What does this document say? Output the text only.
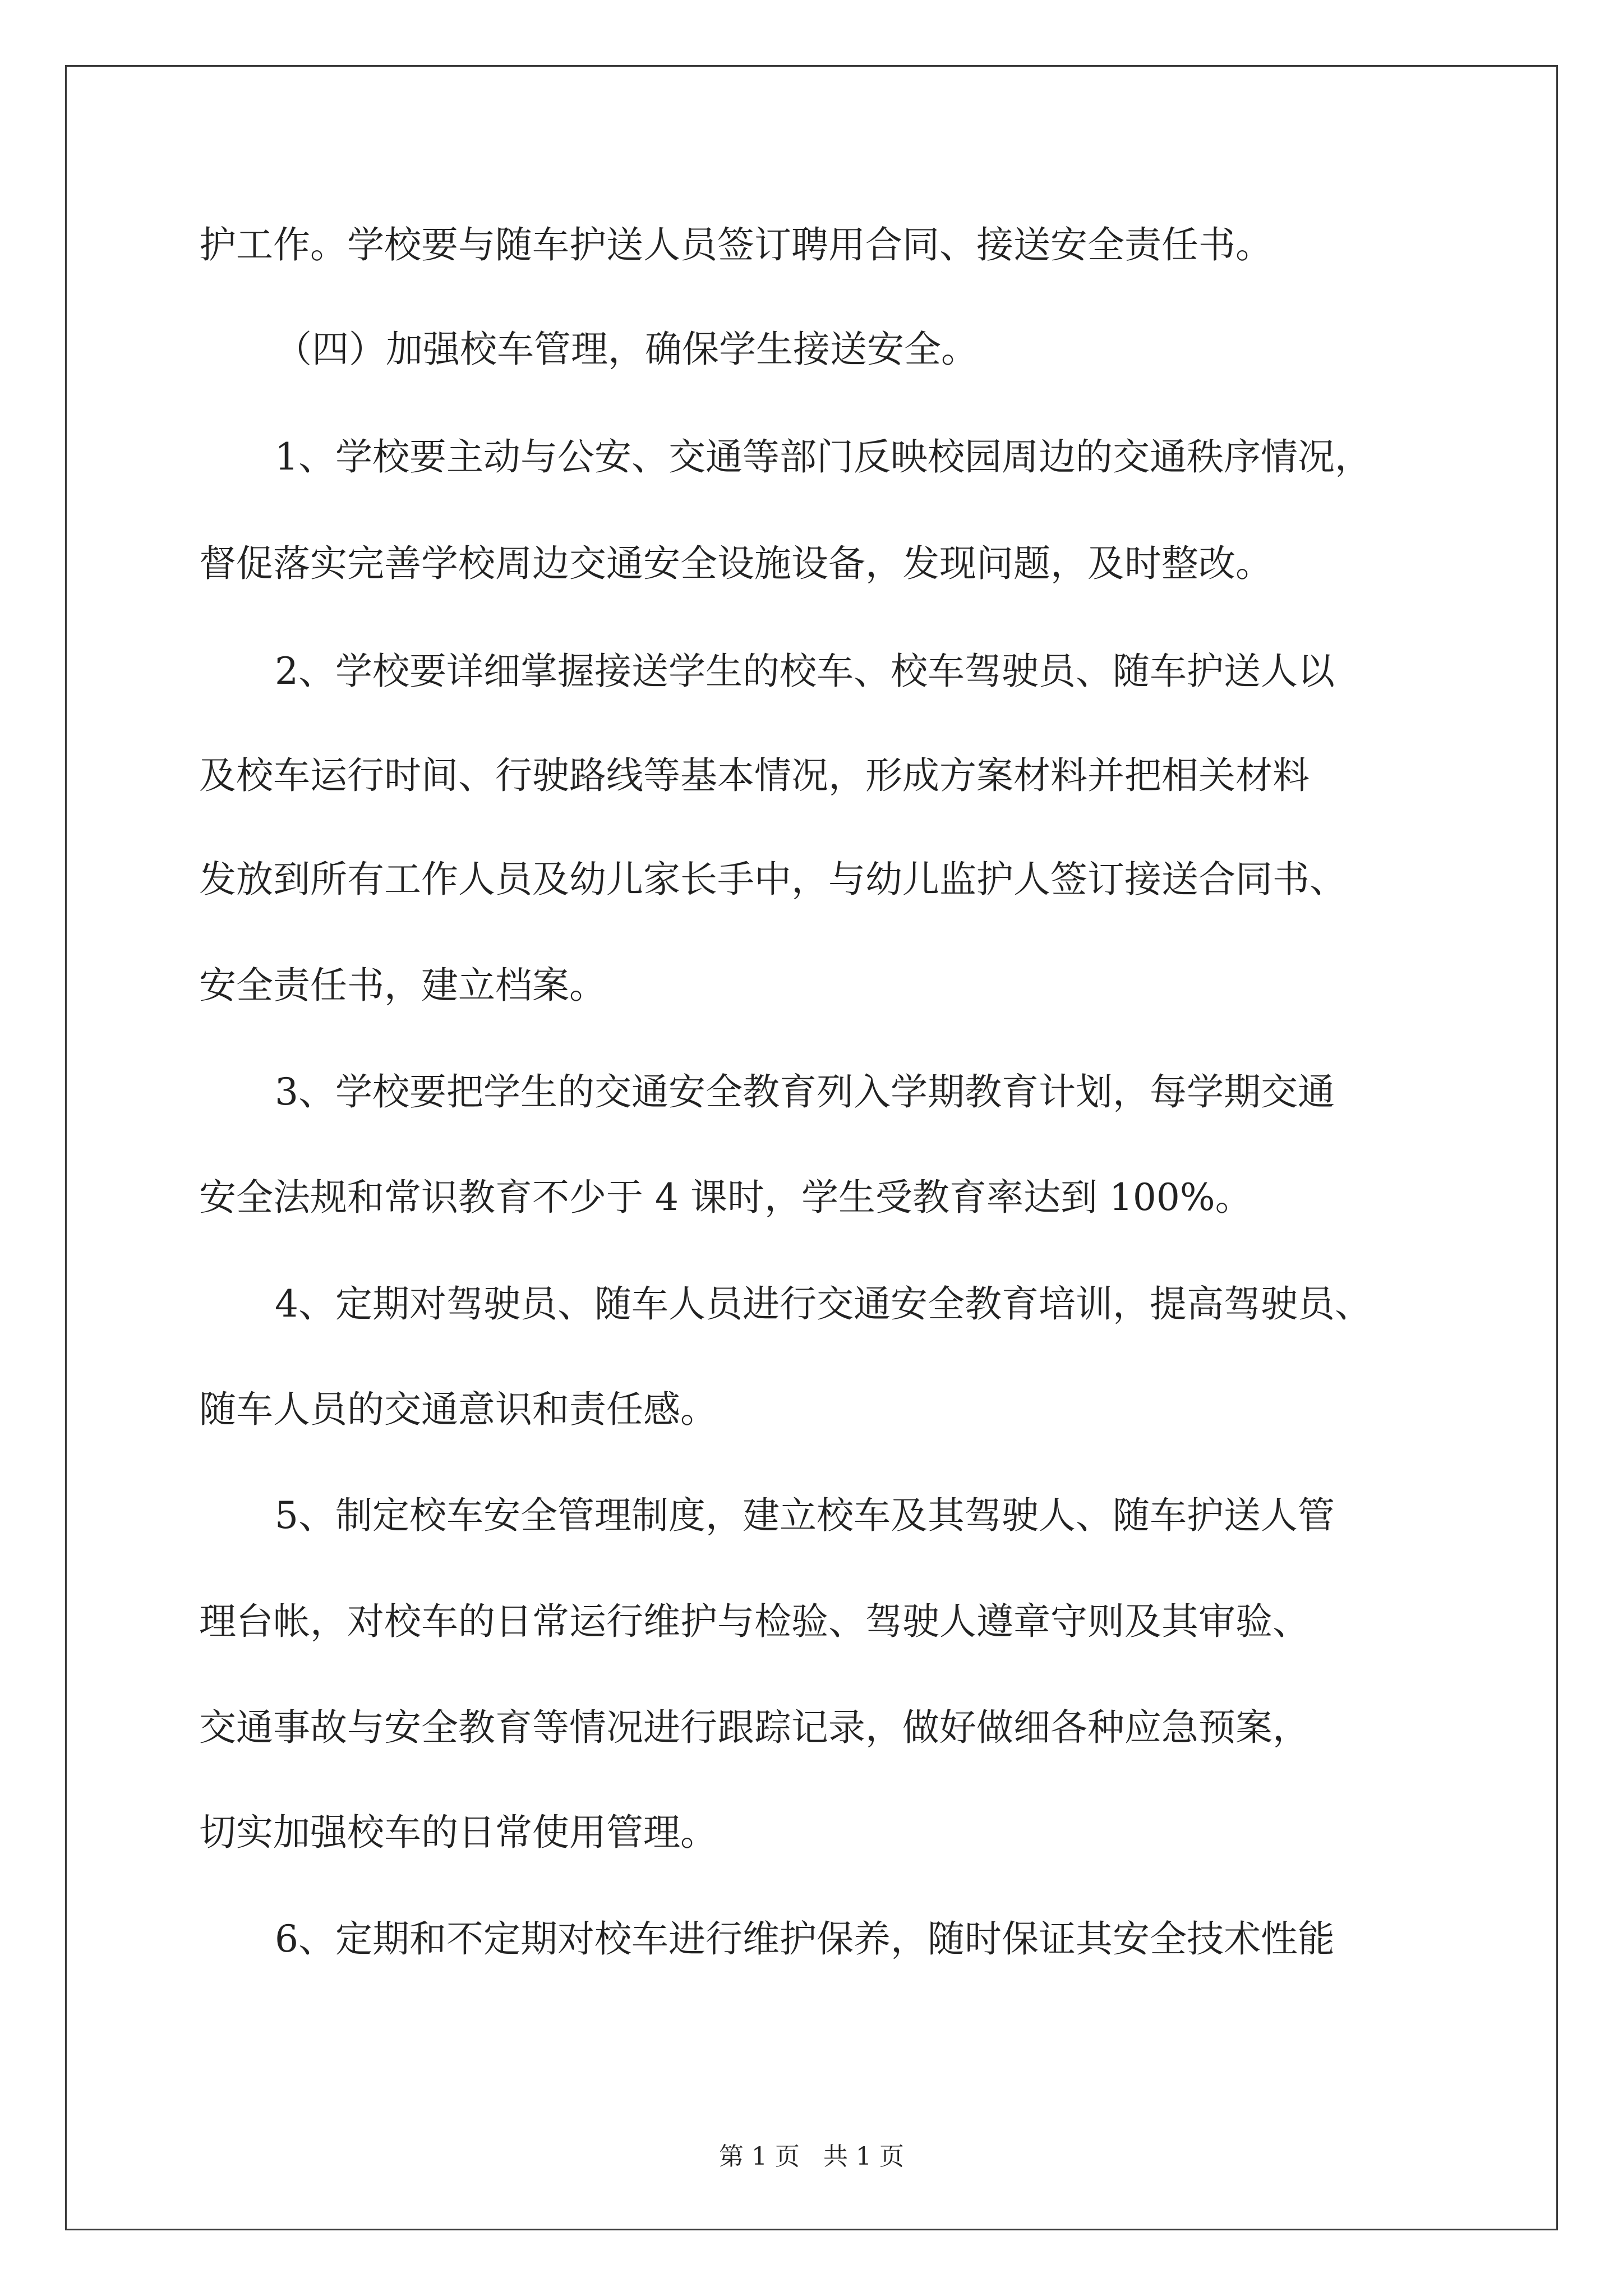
护工作。学校要与随车护送人员签订聘用合同、接送安全责任书。
（四）加强校车管理，确保学生接送安全。
1、学校要主动与公安、交通等部门反映校园周边的交通秩序情况，
督促落实完善学校周边交通安全设施设备，发现问题，及时整改。
2、学校要详细掌握接送学生的校车、校车驾驶员、随车护送人以
及校车运行时间、行驶路线等基本情况，形成方案材料并把相关材料
发放到所有工作人员及幼儿家长手中，与幼儿监护人签订接送合同书、
安全责任书，建立档案。
3、学校要把学生的交通安全教育列入学期教育计划，每学期交通
安全法规和常识教育不少于 4 课时，学生受教育率达到 100%。
4、定期对驾驶员、随车人员进行交通安全教育培训，提高驾驶员、
随车人员的交通意识和责任感。
5、制定校车安全管理制度，建立校车及其驾驶人、随车护送人管
理台帐，对校车的日常运行维护与检验、驾驶人遵章守则及其审验、
交通事故与安全教育等情况进行跟踪记录，做好做细各种应急预案，
切实加强校车的日常使用管理。
6、定期和不定期对校车进行维护保养，随时保证其安全技术性能
第 1 页   共 1 页
